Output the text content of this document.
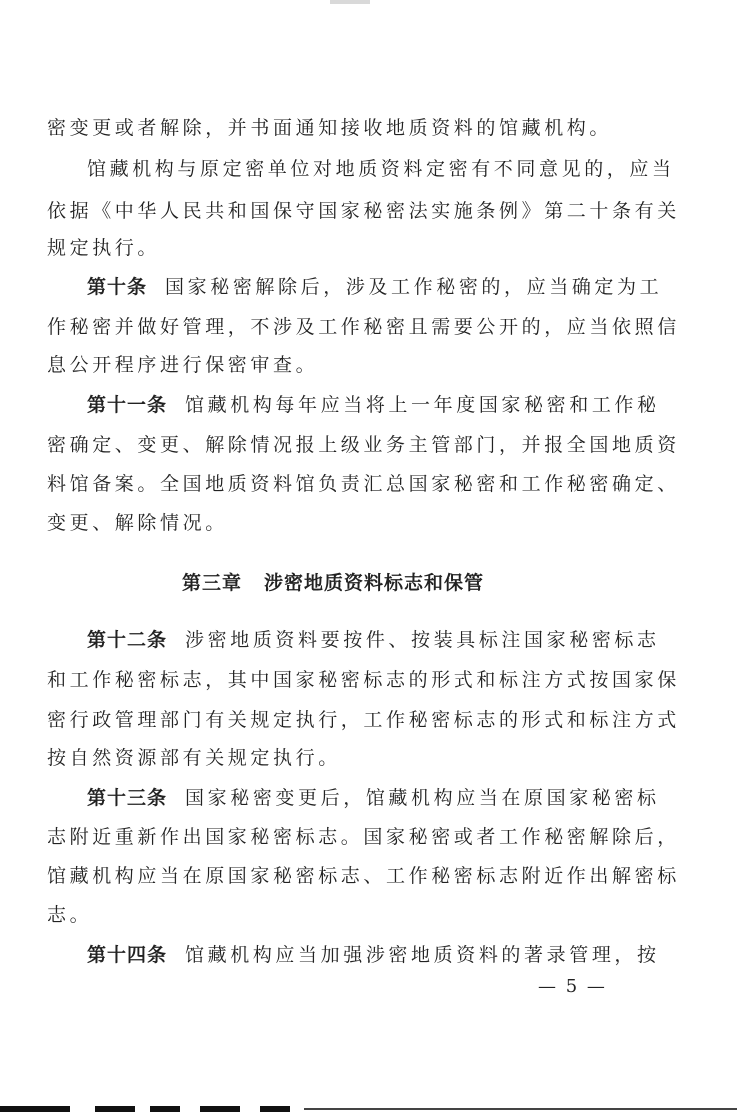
密变更或者解除，并书面通知接收地质资料的馆藏机构。
馆藏机构与原定密单位对地质资料定密有不同意见的，应当
依据《中华人民共和国保守国家秘密法实施条例》第二十条有关
规定执行。
第十条 国家秘密解除后，涉及工作秘密的，应当确定为工
作秘密并做好管理，不涉及工作秘密且需要公开的，应当依照信
息公开程序进行保密审查。
第十一条 馆藏机构每年应当将上一年度国家秘密和工作秘
密确定、变更、解除情况报上级业务主管部门，并报全国地质资
料馆备案。全国地质资料馆负责汇总国家秘密和工作秘密确定、
变更、解除情况。
第三章 涉密地质资料标志和保管
第十二条 涉密地质资料要按件、按装具标注国家秘密标志
和工作秘密标志，其中国家秘密标志的形式和标注方式按国家保
密行政管理部门有关规定执行，工作秘密标志的形式和标注方式
按自然资源部有关规定执行。
第十三条 国家秘密变更后，馆藏机构应当在原国家秘密标
志附近重新作出国家秘密标志。国家秘密或者工作秘密解除后，
馆藏机构应当在原国家秘密标志、工作秘密标志附近作出解密标
志。
第十四条 馆藏机构应当加强涉密地质资料的著录管理，按
— 5 —
